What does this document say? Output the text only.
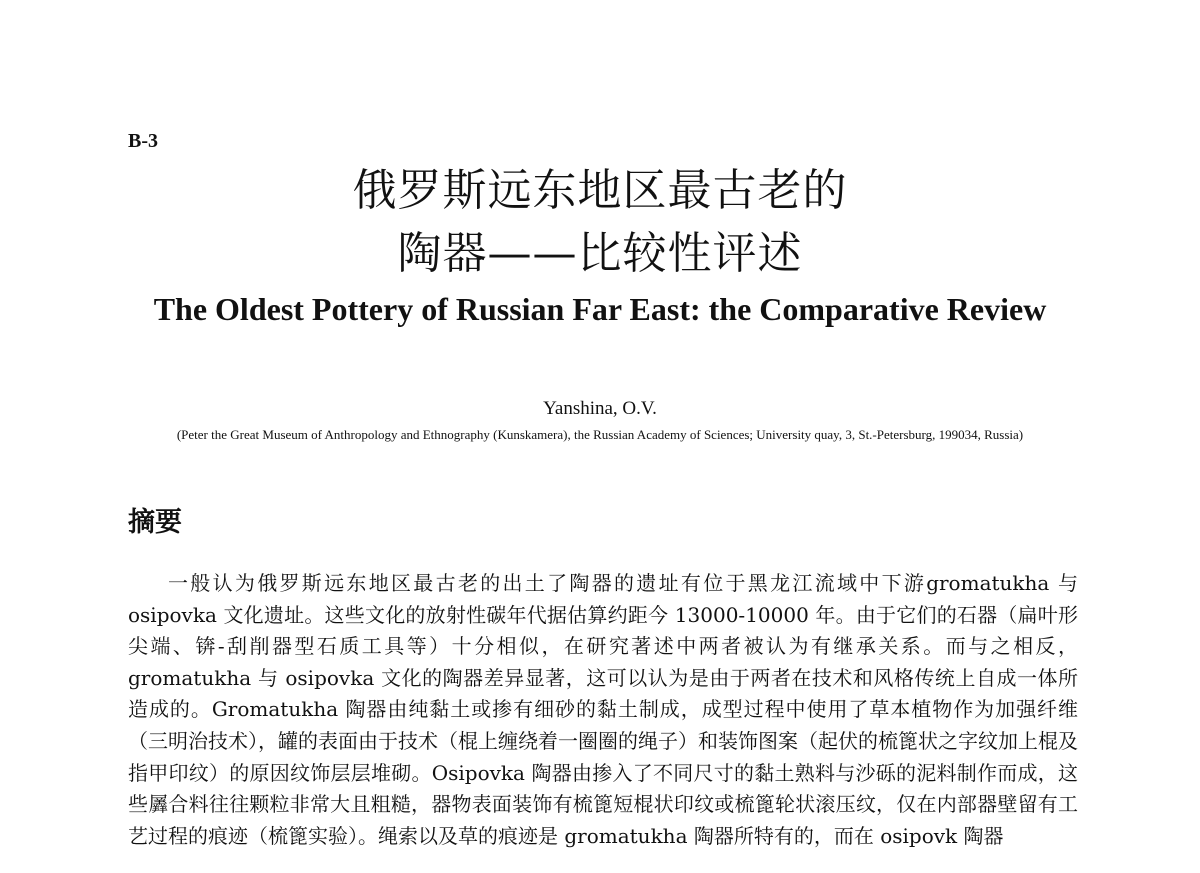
B-3
俄罗斯远东地区最古老的
陶器——比较性评述
The Oldest Pottery of Russian Far East: the Comparative Review
Yanshina, O.V.
(Peter the Great Museum of Anthropology and Ethnography (Kunskamera), the Russian Academy of Sciences; University quay, 3, St.-Petersburg, 199034, Russia)
摘要

一般认为俄罗斯远东地区最古老的出土了陶器的遗址有位于黑龙江流域中下游gromatukha 与 osipovka 文化遗址。这些文化的放射性碳年代据估算约距今 13000-10000 年。由于它们的石器（扁叶形尖端、锛-刮削器型石质工具等）十分相似，在研究著述中两者被认为有继承关系。而与之相反，gromatukha 与 osipovka 文化的陶器差异显著，这可以认为是由于两者在技术和风格传统上自成一体所造成的。Gromatukha 陶器由纯黏土或掺有细砂的黏土制成，成型过程中使用了草本植物作为加强纤维（三明治技术），罐的表面由于技术（棍上缠绕着一圈圈的绳子）和装饰图案（起伏的梳篦状之字纹加上棍及指甲印纹）的原因纹饰层层堆砌。Osipovka 陶器由掺入了不同尺寸的黏土熟料与沙砾的泥料制作而成，这些羼合料往往颗粒非常大且粗糙，器物表面装饰有梳篦短棍状印纹或梳篦轮状滚压纹，仅在内部器壁留有工艺过程的痕迹（梳篦实验）。绳索以及草的痕迹是 gromatukha 陶器所特有的，而在 osipovk 陶器
